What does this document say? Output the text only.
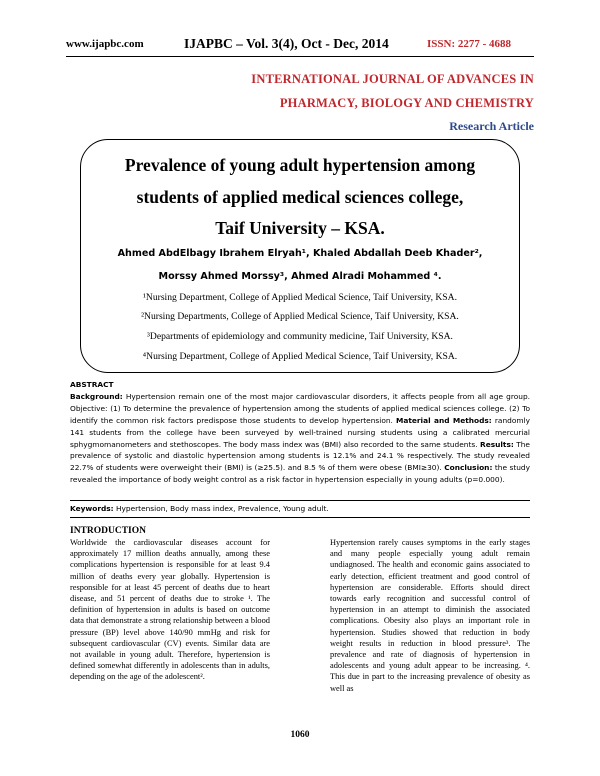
www.ijapbc.com	IJAPBC – Vol. 3(4), Oct - Dec, 2014	ISSN: 2277 - 4688
INTERNATIONAL JOURNAL OF ADVANCES IN
PHARMACY, BIOLOGY AND CHEMISTRY
Research Article
Prevalence of young adult hypertension among
students of applied medical sciences college,
Taif University – KSA.
Ahmed AbdElbagy Ibrahem Elryah¹, Khaled Abdallah Deeb Khader²,
Morssy Ahmed Morssy³, Ahmed Alradi Mohammed ⁴.
¹Nursing Department, College of Applied Medical Science, Taif University, KSA.
²Nursing Departments, College of Applied Medical Science, Taif University, KSA.
³Departments of epidemiology and community medicine, Taif University, KSA.
⁴Nursing Department, College of Applied Medical Science, Taif University, KSA.
ABSTRACT
Background: Hypertension remain one of the most major cardiovascular disorders, it affects people from all age group. Objective: (1) To determine the prevalence of hypertension among the students of applied medical sciences college. (2) To identify the common risk factors predispose those students to develop hypertension. Material and Methods: randomly 141 students from the college have been surveyed by well-trained nursing students using a calibrated mercurial sphygmomanometers and stethoscopes. The body mass index was (BMI) also recorded to the same students. Results: The prevalence of systolic and diastolic hypertension among students is 12.1% and 24.1 % respectively. The study revealed 22.7% of students were overweight their (BMI) is (≥25.5). and 8.5 % of them were obese (BMI≥30). Conclusion: the study revealed the importance of body weight control as a risk factor in hypertension especially in young adults (p=0.000).
Keywords: Hypertension, Body mass index, Prevalence, Young adult.
INTRODUCTION
Worldwide the cardiovascular diseases account for approximately 17 million deaths annually, among these complications hypertension is responsible for at least 9.4 million of deaths every year globally. Hypertension is responsible for at least 45 percent of deaths due to heart disease, and 51 percent of deaths due to stroke ¹. The definition of hypertension in adults is based on outcome data that demonstrate a strong relationship between a blood pressure (BP) level above 140/90 mmHg and risk for subsequent cardiovascular (CV) events. Similar data are not available in young adult. Therefore, hypertension is defined somewhat differently in adolescents than in adults, depending on the age of the adolescent².
Hypertension rarely causes symptoms in the early stages and many people especially young adult remain undiagnosed. The health and economic gains associated to early detection, efficient treatment and good control of hypertension are considerable. Efforts should direct towards early recognition and successful control of hypertension in an attempt to diminish the associated complications. Obesity also plays an important role in hypertension. Studies showed that reduction in body weight results in reduction in blood pressure³. The prevalence and rate of diagnosis of hypertension in adolescents and young adult appear to be increasing. ⁴. This due in part to the increasing prevalence of obesity as well as
1060
